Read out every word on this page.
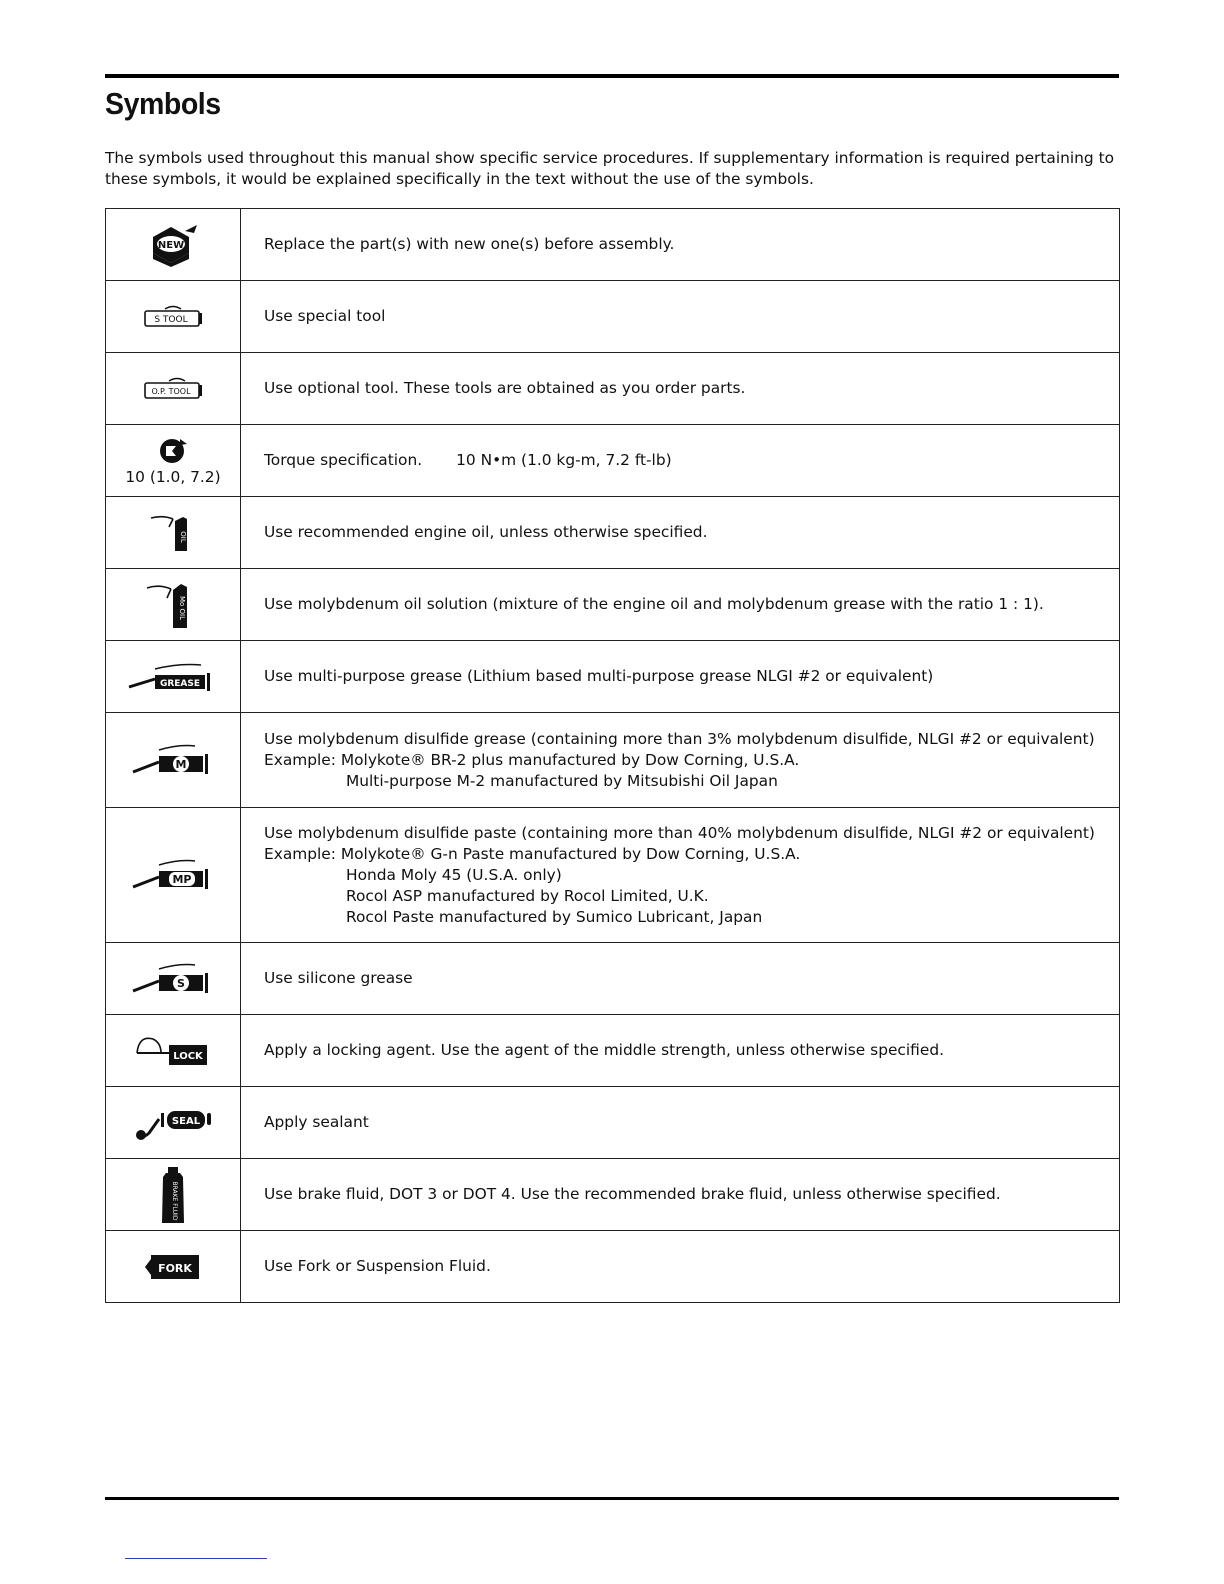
Symbols

The symbols used throughout this manual show specific service procedures. If supplementary information is required pertaining to these symbols, it would be explained specifically in the text without the use of the symbols.

NEW	Replace the part(s) with new one(s) before assembly.

S TOOL	Use special tool

O.P. TOOL	Use optional tool. These tools are obtained as you order parts.

10 (1.0, 7.2)	Torque specification. 10 N•m (1.0 kg-m, 7.2 ft-lb)

OIL	Use recommended engine oil, unless otherwise specified.

Mo OIL	Use molybdenum oil solution (mixture of the engine oil and molybdenum grease with the ratio 1 : 1).

GREASE	Use multi-purpose grease (Lithium based multi-purpose grease NLGI #2 or equivalent)

M	Use molybdenum disulfide grease (containing more than 3% molybdenum disulfide, NLGI #2 or equivalent)
Example: Molykote® BR-2 plus manufactured by Dow Corning, U.S.A.

Multi-purpose M-2 manufactured by Mitsubishi Oil Japan

MP	Use molybdenum disulfide paste (containing more than 40% molybdenum disulfide, NLGI #2 or equivalent)
Example: Molykote® G-n Paste manufactured by Dow Corning, U.S.A.

Honda Moly 45 (U.S.A. only)
Rocol ASP manufactured by Rocol Limited, U.K.
Rocol Paste manufactured by Sumico Lubricant, Japan

S	Use silicone grease

LOCK	Apply a locking agent. Use the agent of the middle strength, unless otherwise specified.

SEAL	Apply sealant

BRAKE FLUID	Use brake fluid, DOT 3 or DOT 4. Use the recommended brake fluid, unless otherwise specified.

FORK	Use Fork or Suspension Fluid.
